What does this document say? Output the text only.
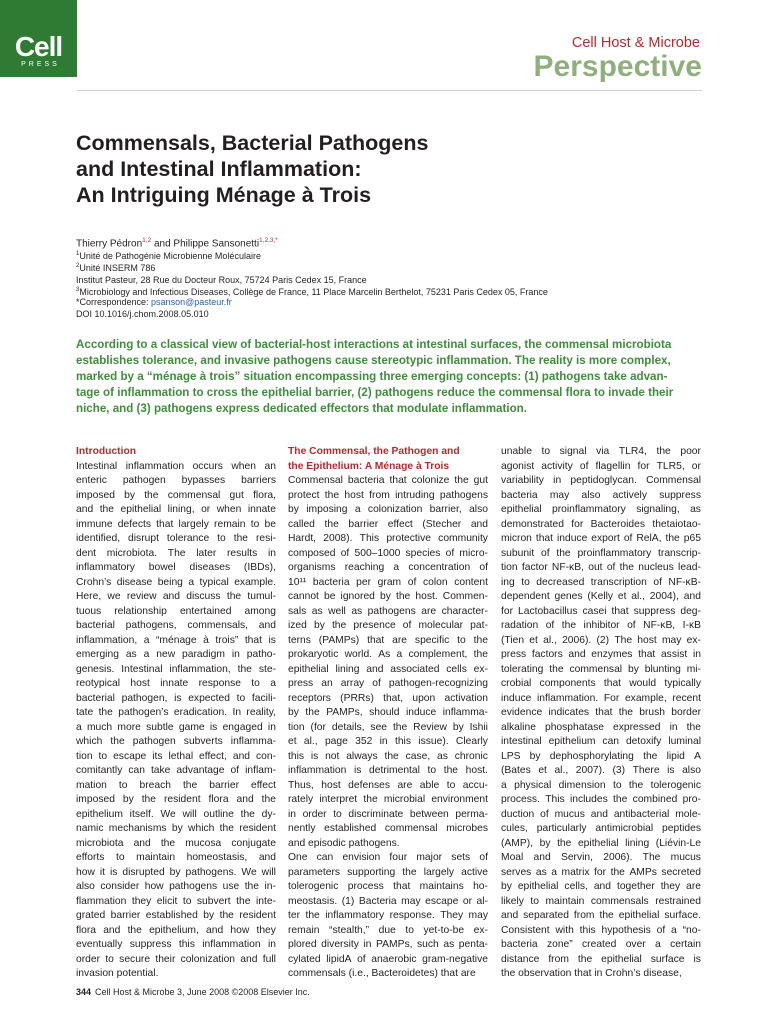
Cell
PRESS
Cell Host & Microbe
Perspective
Commensals, Bacterial Pathogens
and Intestinal Inflammation:
An Intriguing Ménage à Trois
Thierry Pédron$^{1,2}$ and Philippe Sansonetti$^{1,2,3,*}$
$^1$Unité de Pathogénie Microbienne Moléculaire
$^2$Unité INSERM 786
Institut Pasteur, 28 Rue du Docteur Roux, 75724 Paris Cedex 15, France
$^3$Microbiology and Infectious Diseases, Collège de France, 11 Place Marcelin Berthelot, 75231 Paris Cedex 05, France
*Correspondence: psanson@pasteur.fr
DOI 10.1016/j.chom.2008.05.010
According to a classical view of bacterial-host interactions at intestinal surfaces, the commensal microbiota
establishes tolerance, and invasive pathogens cause stereotypic inflammation. The reality is more complex,
marked by a “ménage à trois” situation encompassing three emerging concepts: (1) pathogens take advan-
tage of inflammation to cross the epithelial barrier, (2) pathogens reduce the commensal flora to invade their
niche, and (3) pathogens express dedicated effectors that modulate inflammation.
Introduction
Intestinal inflammation occurs when an
enteric pathogen bypasses barriers
imposed by the commensal gut flora,
and the epithelial lining, or when innate
immune defects that largely remain to be
identified, disrupt tolerance to the resi-
dent microbiota. The later results in
inflammatory bowel diseases (IBDs),
Crohn’s disease being a typical example.
Here, we review and discuss the tumul-
tuous relationship entertained among
bacterial pathogens, commensals, and
inflammation, a “ménage à trois” that is
emerging as a new paradigm in patho-
genesis. Intestinal inflammation, the ste-
reotypical host innate response to a
bacterial pathogen, is expected to facili-
tate the pathogen’s eradication. In reality,
a much more subtle game is engaged in
which the pathogen subverts inflamma-
tion to escape its lethal effect, and con-
comitantly can take advantage of inflam-
mation to breach the barrier effect
imposed by the resident flora and the
epithelium itself. We will outline the dy-
namic mechanisms by which the resident
microbiota and the mucosa conjugate
efforts to maintain homeostasis, and
how it is disrupted by pathogens. We will
also consider how pathogens use the in-
flammation they elicit to subvert the inte-
grated barrier established by the resident
flora and the epithelium, and how they
eventually suppress this inflammation in
order to secure their colonization and full
invasion potential.
The Commensal, the Pathogen and
the Epithelium: A Ménage à Trois
Commensal bacteria that colonize the gut
protect the host from intruding pathogens
by imposing a colonization barrier, also
called the barrier effect (Stecher and
Hardt, 2008). This protective community
composed of 500–1000 species of micro-
organisms reaching a concentration of
10¹¹ bacteria per gram of colon content
cannot be ignored by the host. Commen-
sals as well as pathogens are character-
ized by the presence of molecular pat-
terns (PAMPs) that are specific to the
prokaryotic world. As a complement, the
epithelial lining and associated cells ex-
press an array of pathogen-recognizing
receptors (PRRs) that, upon activation
by the PAMPs, should induce inflamma-
tion (for details, see the Review by Ishii
et al., page 352 in this issue). Clearly
this is not always the case, as chronic
inflammation is detrimental to the host.
Thus, host defenses are able to accu-
rately interpret the microbial environment
in order to discriminate between perma-
nently established commensal microbes
and episodic pathogens.
One can envision four major sets of
parameters supporting the largely active
tolerogenic process that maintains ho-
meostasis. (1) Bacteria may escape or al-
ter the inflammatory response. They may
remain “stealth,” due to yet-to-be ex-
plored diversity in PAMPs, such as penta-
cylated lipidA of anaerobic gram-negative
commensals (i.e., Bacteroidetes) that are
unable to signal via TLR4, the poor
agonist activity of flagellin for TLR5, or
variability in peptidoglycan. Commensal
bacteria may also actively suppress
epithelial proinflammatory signaling, as
demonstrated for Bacteroides thetaiotao-
micron that induce export of RelA, the p65
subunit of the proinflammatory transcrip-
tion factor NF-κB, out of the nucleus lead-
ing to decreased transcription of NF-κB-
dependent genes (Kelly et al., 2004), and
for Lactobacillus casei that suppress deg-
radation of the inhibitor of NF-κB, I-κB
(Tien et al., 2006). (2) The host may ex-
press factors and enzymes that assist in
tolerating the commensal by blunting mi-
crobial components that would typically
induce inflammation. For example, recent
evidence indicates that the brush border
alkaline phosphatase expressed in the
intestinal epithelium can detoxify luminal
LPS by dephosphorylating the lipid A
(Bates et al., 2007). (3) There is also
a physical dimension to the tolerogenic
process. This includes the combined pro-
duction of mucus and antibacterial mole-
cules, particularly antimicrobial peptides
(AMP), by the epithelial lining (Liévin-Le
Moal and Servin, 2006). The mucus
serves as a matrix for the AMPs secreted
by epithelial cells, and together they are
likely to maintain commensals restrained
and separated from the epithelial surface.
Consistent with this hypothesis of a “no-
bacteria zone” created over a certain
distance from the epithelial surface is
the observation that in Crohn’s disease,
344 Cell Host & Microbe 3, June 2008 ©2008 Elsevier Inc.
